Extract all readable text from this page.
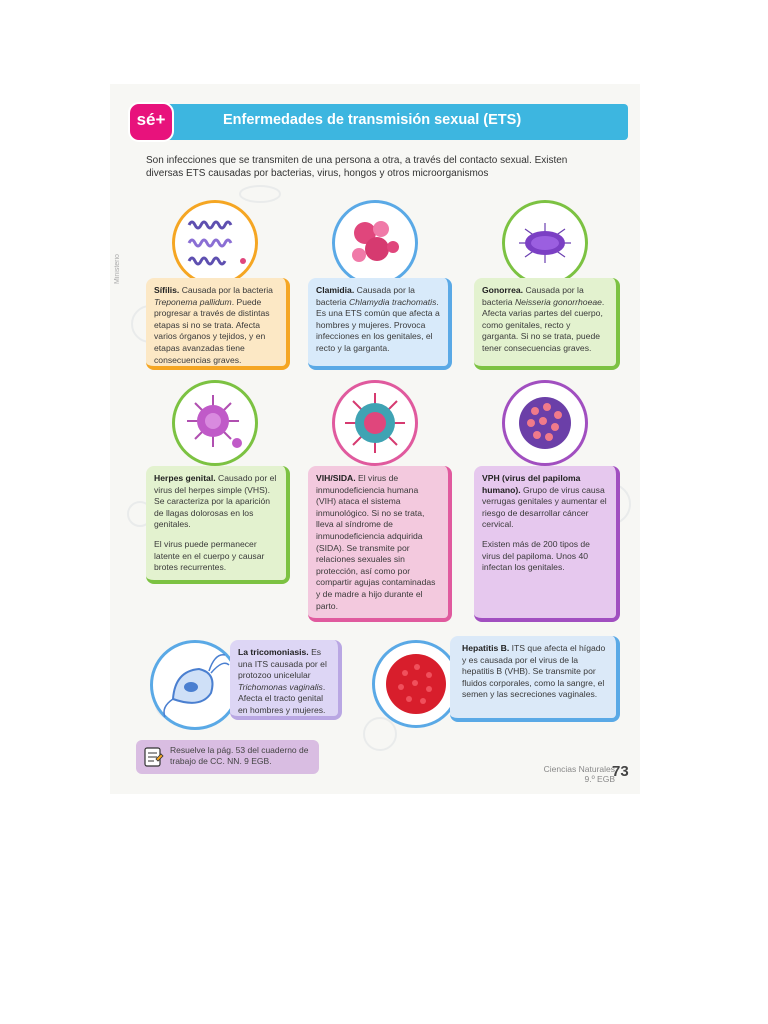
Ministerio
sé+	Enfermedades de transmisión sexual (ETS)
Son infecciones que se transmiten de una persona a otra, a través del contacto sexual. Existen diversas ETS causadas por bacterias, virus, hongos y otros microorganismos

Sífilis. Causada por la bacteria Treponema pallidum. Puede progresar a través de distintas etapas si no se trata. Afecta varios órganos y tejidos, y en etapas avanzadas tiene consecuencias graves.

Clamidia. Causada por la bacteria Chlamydia trachomatis. Es una ETS común que afecta a hombres y mujeres. Provoca infecciones en los genitales, el recto y la garganta.

Gonorrea. Causada por la bacteria Neisseria gonorrhoeae. Afecta varias partes del cuerpo, como genitales, recto y garganta. Si no se trata, puede tener consecuencias graves.

Herpes genital. Causado por el virus del herpes simple (VHS). Se caracteriza por la aparición de llagas dolorosas en los genitales.

El virus puede permanecer latente en el cuerpo y causar brotes recurrentes.

VIH/SIDA. El virus de inmunodeficiencia humana (VIH) ataca el sistema inmunológico. Si no se trata, lleva al síndrome de inmunodeficiencia adquirida (SIDA). Se transmite por relaciones sexuales sin protección, así como por compartir agujas contaminadas y de madre a hijo durante el parto.

VPH (virus del papiloma humano). Grupo de virus causa verrugas genitales y aumentar el riesgo de desarrollar cáncer cervical.

Existen más de 200 tipos de virus del papiloma. Unos 40 infectan los genitales.

La tricomoniasis. Es una ITS causada por el protozoo unicelular Trichomonas vaginalis. Afecta el tracto genital en hombres y mujeres.

Hepatitis B. ITS que afecta el hígado y es causada por el virus de la hepatitis B (VHB). Se transmite por fluidos corporales, como la sangre, el semen y las secreciones vaginales.

Resuelve la pág. 53 del cuaderno de trabajo de CC. NN. 9 EGB.
Ciencias Naturales
9.º EGB
73
